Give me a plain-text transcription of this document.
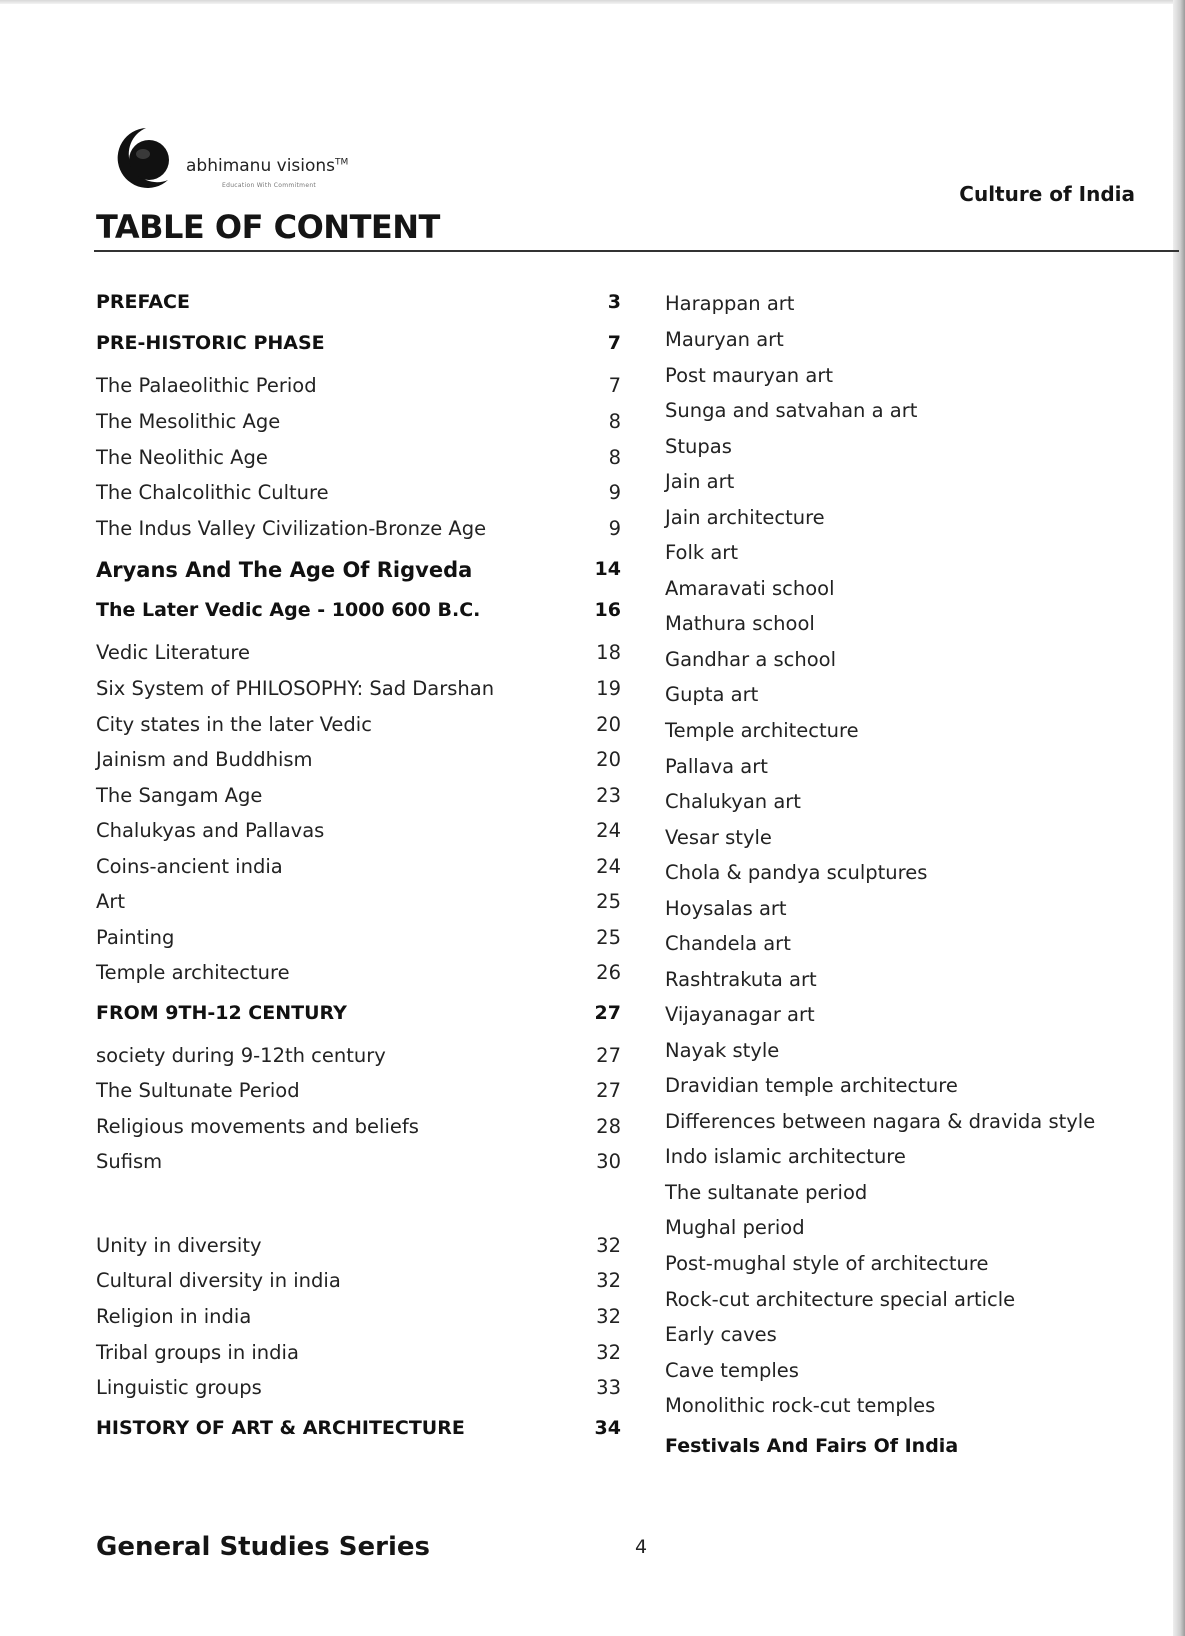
abhimanu visions™
Education With Commitment
TABLE OF CONTENT
Culture of India
PREFACE	3
PRE-HISTORIC PHASE	7
The Palaeolithic Period	7
The Mesolithic Age	8
The Neolithic Age	8
The Chalcolithic Culture	9
The Indus Valley Civilization-Bronze Age	9
Aryans And The Age Of Rigveda	14
The Later Vedic Age - 1000 600 B.C.	16
Vedic Literature	18
Six System of PHILOSOPHY: Sad Darshan	19
City states in the later Vedic	20
Jainism and Buddhism	20
The Sangam Age	23
Chalukyas and Pallavas	24
Coins-ancient india	24
Art	25
Painting	25
Temple architecture	26
FROM 9TH-12 CENTURY	27
society during 9-12th century	27
The Sultunate Period	27
Religious movements and beliefs	28
Sufism	30
Unity in diversity	32
Cultural diversity in india	32
Religion in india	32
Tribal groups in india	32
Linguistic groups	33
HISTORY OF ART & ARCHITECTURE	34
Harappan art
Mauryan art
Post mauryan art
Sunga and satvahan a art
Stupas
Jain art
Jain architecture
Folk art
Amaravati school
Mathura school
Gandhar a school
Gupta art
Temple architecture
Pallava art
Chalukyan art
Vesar style
Chola & pandya sculptures
Hoysalas art
Chandela art
Rashtrakuta art
Vijayanagar art
Nayak style
Dravidian temple architecture
Differences between nagara & dravida style
Indo islamic architecture
The sultanate period
Mughal period
Post-mughal style of architecture
Rock-cut architecture special article
Early caves
Cave temples
Monolithic rock-cut temples
Festivals And Fairs Of India
General Studies Series	4
